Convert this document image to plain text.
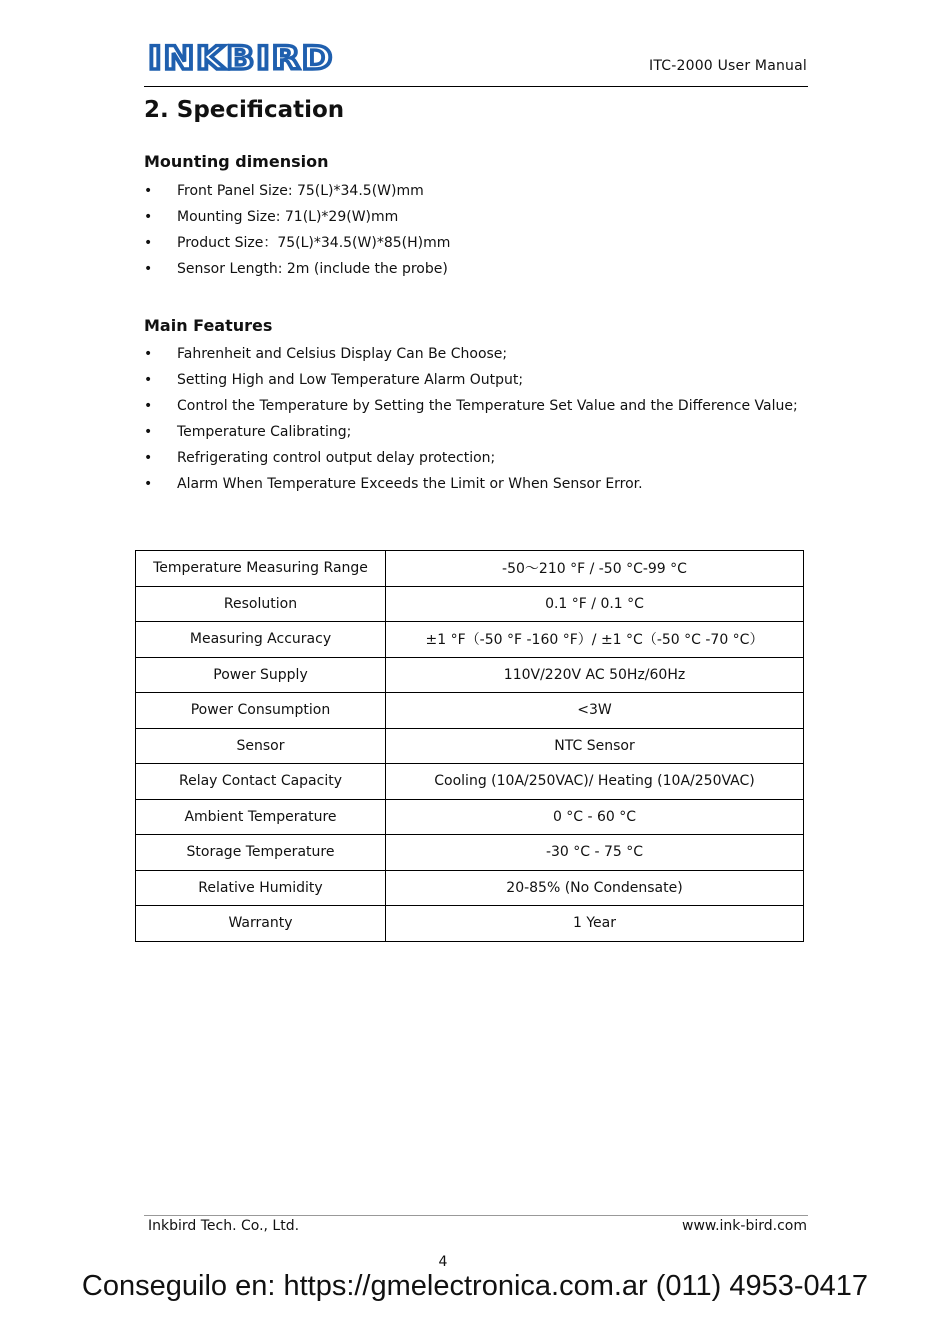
INKBIRD	ITC-2000 User Manual
2. Specification
Mounting dimension
• Front Panel Size: 75(L)*34.5(W)mm
• Mounting Size: 71(L)*29(W)mm
• Product Size：75(L)*34.5(W)*85(H)mm
• Sensor Length: 2m (include the probe)
Main Features
• Fahrenheit and Celsius Display Can Be Choose;
• Setting High and Low Temperature Alarm Output;
• Control the Temperature by Setting the Temperature Set Value and the Difference Value;
• Temperature Calibrating;
• Refrigerating control output delay protection;
• Alarm When Temperature Exceeds the Limit or When Sensor Error.
Temperature Measuring Range	-50～210 °F / -50 °C-99 °C
Resolution	0.1 °F / 0.1 °C
Measuring Accuracy	±1 °F（-50 °F -160 °F）/ ±1 °C（-50 °C -70 °C）
Power Supply	110V/220V AC 50Hz/60Hz
Power Consumption	<3W
Sensor	NTC Sensor
Relay Contact Capacity	Cooling (10A/250VAC)/ Heating (10A/250VAC)
Ambient Temperature	0 °C - 60 °C
Storage Temperature	-30 °C - 75 °C
Relative Humidity	20-85% (No Condensate)
Warranty	1 Year
Inkbird Tech. Co., Ltd.	www.ink-bird.com
4
Conseguilo en: https://gmelectronica.com.ar (011) 4953-0417
